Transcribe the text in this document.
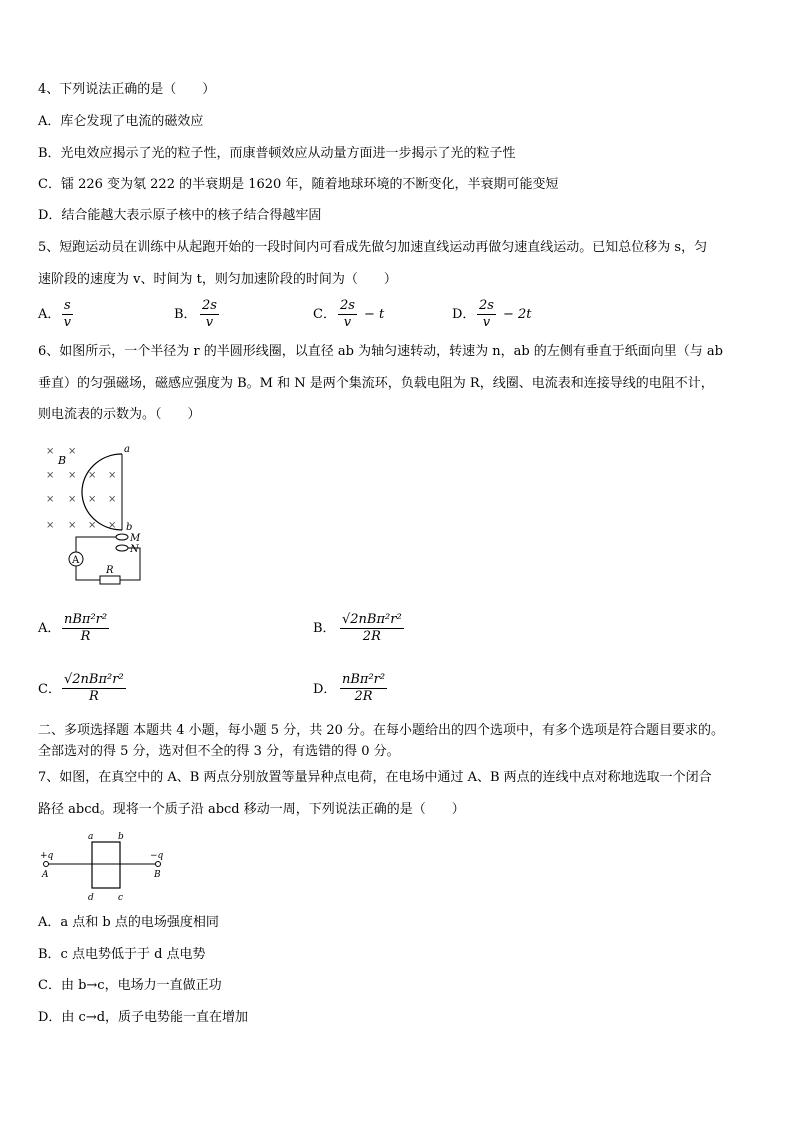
4、下列说法正确的是（　　）
A．库仑发现了电流的磁效应
B．光电效应揭示了光的粒子性，而康普顿效应从动量方面进一步揭示了光的粒子性
C．镭 226 变为氡 222 的半衰期是 1620 年，随着地球环境的不断变化，半衰期可能变短
D．结合能越大表示原子核中的核子结合得越牢固
5、短跑运动员在训练中从起跑开始的一段时间内可看成先做匀加速直线运动再做匀速直线运动。已知总位移为 s，匀
速阶段的速度为 v、时间为 t，则匀加速阶段的时间为（　　）
A． $\frac{s}{v}$	B． $\frac{2s}{v}$	C． $\frac{2s}{v} - t$	D． $\frac{2s}{v} - 2t$
6、如图所示，一个半径为 r 的半圆形线圈，以直径 ab 为轴匀速转动，转速为 n，ab 的左侧有垂直于纸面向里（与 ab
垂直）的匀强磁场，磁感应强度为 B。M 和 N 是两个集流环，负载电阻为 R，线圈、电流表和连接导线的电阻不计，
则电流表的示数为。（　　）
× ×
× × × ×
× × × ×
× × × ×
B
a
b
M
N
A
R
A．
nBπ²r²
R
B．
√2nBπ²r²
2R
C．
√2nBπ²r²
R	D．
nBπ²r²
2R
二、多项选择题 本题共 4 小题，每小题 5 分，共 20 分。在每小题给出的四个选项中，有多个选项是符合题目要求的。
全部选对的得 5 分，选对但不全的得 3 分，有选错的得 0 分。
7、如图，在真空中的 A、B 两点分别放置等量异种点电荷，在电场中通过 A、B 两点的连线中点对称地选取一个闭合
路径 abcd。现将一个质子沿 abcd 移动一周，下列说法正确的是（　　）
+q	−q
a	b
c
d
A	B
A．a 点和 b 点的电场强度相同
B．c 点电势低于于 d 点电势
C．由 b→c，电场力一直做正功
D．由 c→d，质子电势能一直在增加
